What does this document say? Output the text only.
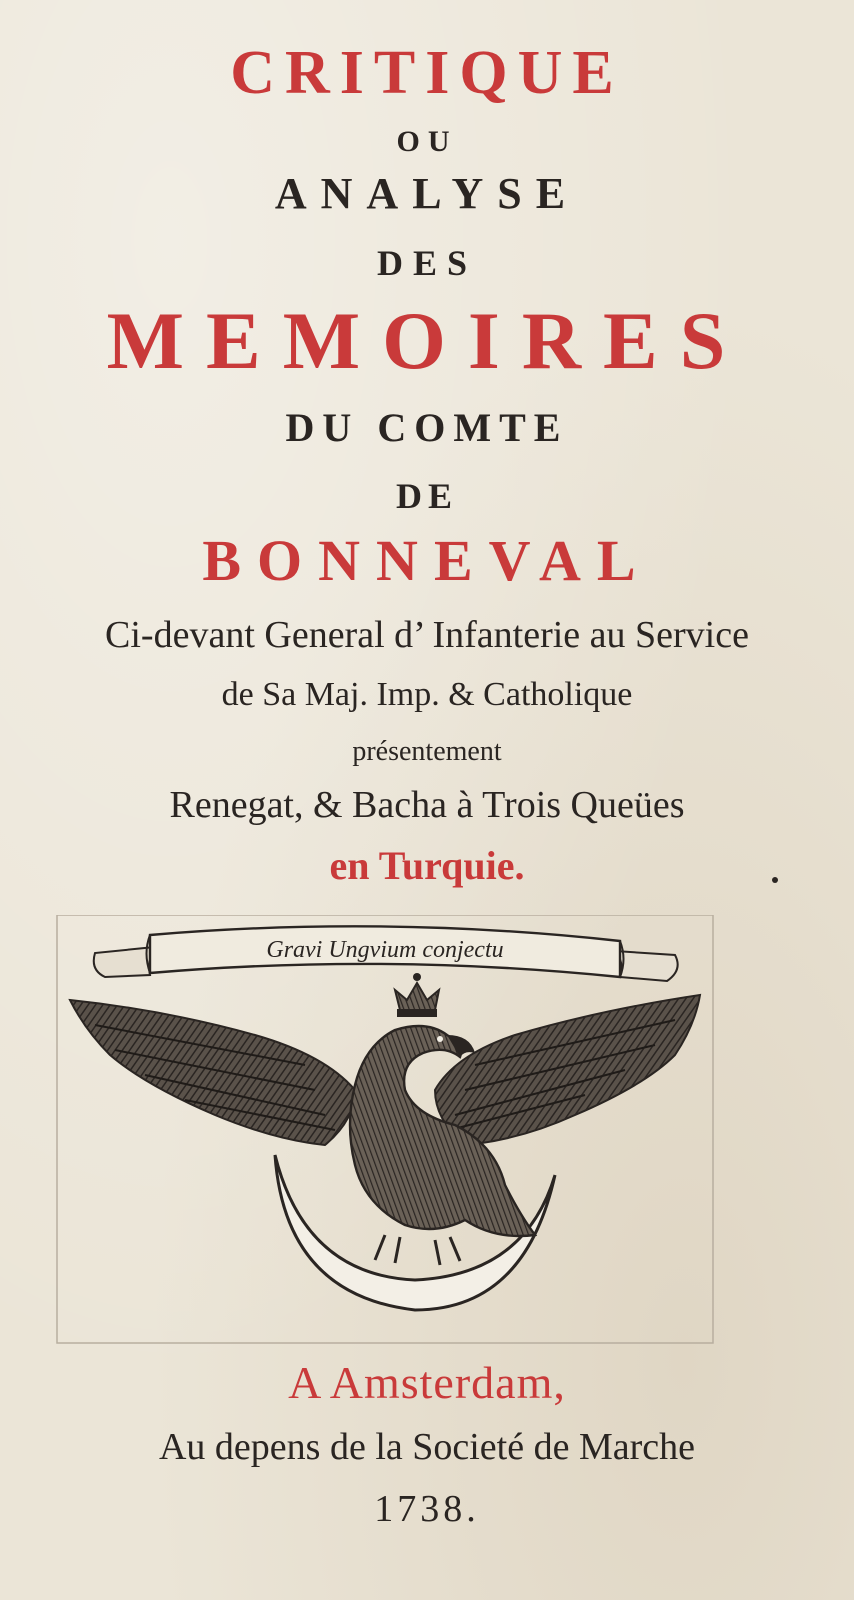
CRITIQUE
OU
ANALYSE
DES
MEMOIRES
DU COMTE
DE
BONNEVAL
Ci-devant General d’ Infanterie au Service
de Sa Maj. Imp. & Catholique
présentement
Renegat, & Bacha à Trois Queües
en Turquie.
Gravi Ungvium conjectu
A Amsterdam,
Au depens de la Societé de Marche
1738.
